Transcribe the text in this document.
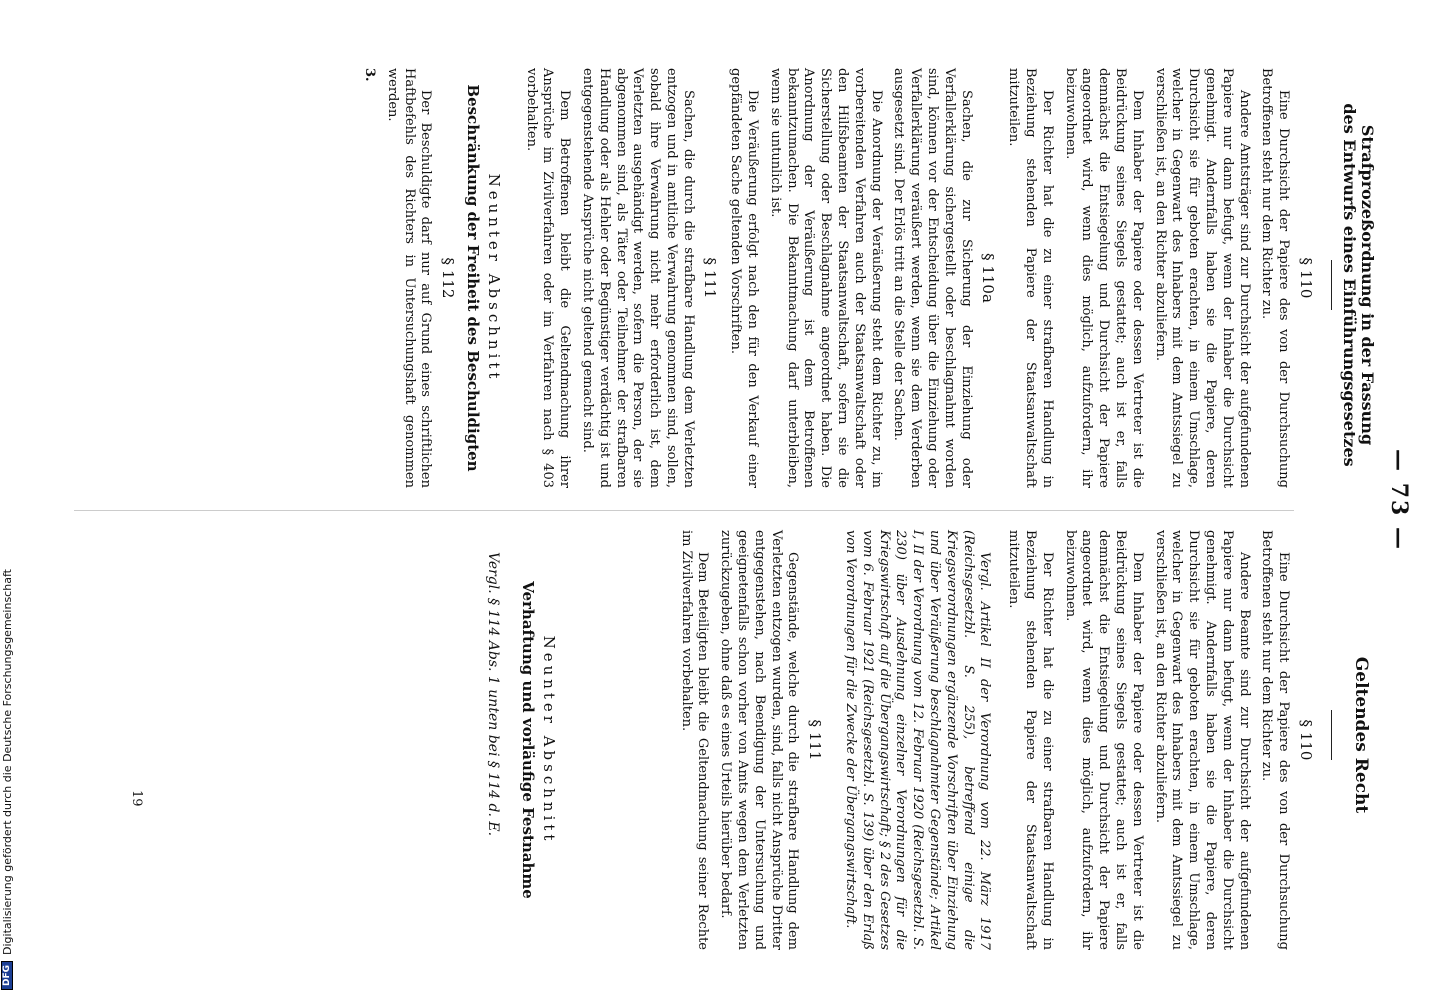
— 73 —
Strafprozeßordnung in der Fassung
des Entwurfs eines Einführungsgesetzes
Geltendes Recht
§ 110

Eine Durchsicht der Papiere des von der Durchsuchung Betroffenen steht nur dem Richter zu.

Andere Amtsträger sind zur Durchsicht der aufgefundenen Papiere nur dann befugt, wenn der Inhaber die Durchsicht genehmigt. Andernfalls haben sie die Papiere, deren Durchsicht sie für geboten erachten, in einem Umschlage, welcher in Gegenwart des Inhabers mit dem Amtssiegel zu verschließen ist, an den Richter abzuliefern.

Dem Inhaber der Papiere oder dessen Vertreter ist die Beidrückung seines Siegels gestattet; auch ist er, falls demnächst die Entsiegelung und Durchsicht der Papiere angeordnet wird, wenn dies möglich, aufzufordern, ihr beizuwohnen.

Der Richter hat die zu einer strafbaren Handlung in Beziehung stehenden Papiere der Staatsanwaltschaft mitzuteilen.

§ 110a

Sachen, die zur Sicherung der Einziehung oder Verfallerklärung sichergestellt oder beschlagnahmt worden sind, können vor der Entscheidung über die Einziehung oder Verfallerklärung veräußert werden, wenn sie dem Verderben ausgesetzt sind. Der Erlös tritt an die Stelle der Sachen.

Die Anordnung der Veräußerung steht dem Richter zu, im vorbereitenden Verfahren auch der Staatsanwaltschaft oder den Hilfsbeamten der Staatsanwaltschaft, sofern sie die Sicherstellung oder Beschlagnahme angeordnet haben. Die Anordnung der Veräußerung ist dem Betroffenen bekanntzumachen. Die Bekanntmachung darf unterbleiben, wenn sie untunlich ist.

Die Veräußerung erfolgt nach den für den Verkauf einer gepfändeten Sache geltenden Vorschriften.

§ 111

Sachen, die durch die strafbare Handlung dem Verletzten entzogen und in amtliche Verwahrung genommen sind, sollen, sobald ihre Verwahrung nicht mehr erforderlich ist, dem Verletzten ausgehändigt werden, sofern die Person, der sie abgenommen sind, als Täter oder Teilnehmer der strafbaren Handlung oder als Hehler oder Begünstiger verdächtig ist und entgegenstehende Ansprüche nicht geltend gemacht sind.

Dem Betroffenen bleibt die Geltendmachung ihrer Ansprüche im Zivilverfahren oder im Verfahren nach § 403 vorbehalten.

Neunter Abschnitt
Beschränkung der Freiheit des Beschuldigten
§ 112

Der Beschuldigte darf nur auf Grund eines schriftlichen Haftbefehls des Richters in Untersuchungshaft genommen werden.

3.
§ 110

Eine Durchsicht der Papiere des von der Durchsuchung Betroffenen steht nur dem Richter zu.

Andere Beamte sind zur Durchsicht der aufgefundenen Papiere nur dann befugt, wenn der Inhaber die Durchsicht genehmigt. Andernfalls haben sie die Papiere, deren Durchsicht sie für geboten erachten, in einem Umschlage, welcher in Gegenwart des Inhabers mit dem Amtssiegel zu verschließen ist, an den Richter abzuliefern.

Dem Inhaber der Papiere oder dessen Vertreter ist die Beidrückung seines Siegels gestattet; auch ist er, falls demnächst die Entsiegelung und Durchsicht der Papiere angeordnet wird, wenn dies möglich, aufzufordern, ihr beizuwohnen.

Der Richter hat die zu einer strafbaren Handlung in Beziehung stehenden Papiere der Staatsanwaltschaft mitzuteilen.

Vergl. Artikel II der Verordnung vom 22. März 1917 (Reichsgesetzbl. S. 255), betreffend einige die Kriegsverordnungen ergänzende Vorschriften über Einziehung und über Veräußerung beschlagnahmter Gegenstände; Artikel I, II der Verordnung vom 12. Februar 1920 (Reichsgesetzbl. S. 230) über Ausdehnung einzelner Verordnungen für die Kriegswirtschaft auf die Übergangswirtschaft; § 2 des Gesetzes vom 6. Februar 1921 (Reichsgesetzbl. S. 139) über den Erlaß von Verordnungen für die Zwecke der Übergangswirtschaft.

§ 111

Gegenstände, welche durch die strafbare Handlung dem Verletzten entzogen wurden, sind, falls nicht Ansprüche Dritter entgegenstehen, nach Beendigung der Untersuchung und geeignetenfalls schon vorher von Amts wegen dem Verletzten zurückzugeben, ohne daß es eines Urteils hierüber bedarf.

Dem Beteiligten bleibt die Geltendmachung seiner Rechte im Zivilverfahren vorbehalten.

Neunter Abschnitt
Verhaftung und vorläufige Festnahme

Vergl. § 114 Abs. 1 unten bei § 114 d. E.

19
DFG
Digitalisierung gefördert durch die Deutsche Forschungsgemeinschaft
